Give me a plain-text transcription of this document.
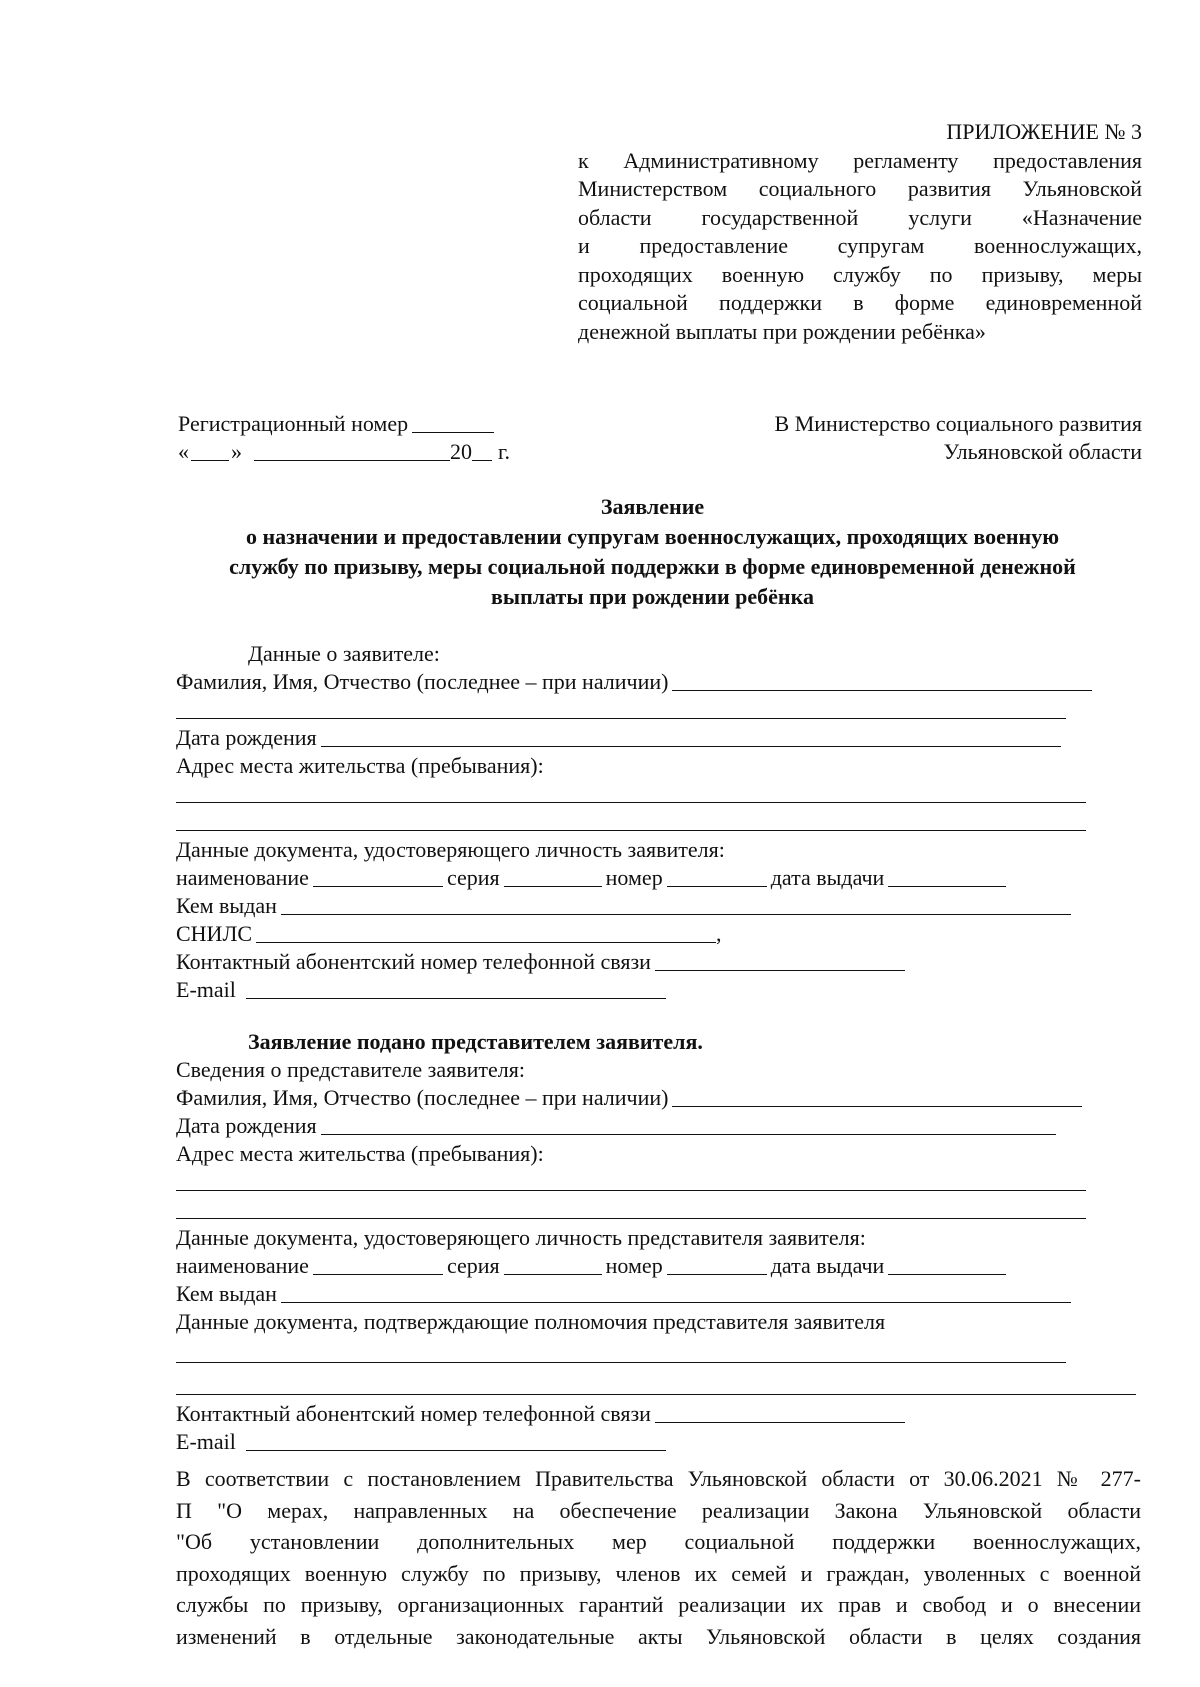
ПРИЛОЖЕНИЕ № 3
к Административному регламенту предоставления
Министерством социального развития Ульяновской
области государственной услуги «Назначение
и предоставление супругам военнослужащих,
проходящих военную службу по призыву, меры
социальной поддержки в форме единовременной
денежной выплаты при рождении ребёнка»
Регистрационный номер
« »	20 г.
В Министерство социального развития
Ульяновской области
Заявление
о назначении и предоставлении супругам военнослужащих, проходящих военную
службу по призыву, меры социальной поддержки в форме единовременной денежной
выплаты при рождении ребёнка
Данные о заявителе:
Фамилия, Имя, Отчество (последнее – при наличии)
Дата рождения
Адрес места жительства (пребывания):
Данные документа, удостоверяющего личность заявителя:
наименование	серия	номер	дата выдачи
Кем выдан
СНИЛС	,
Контактный абонентский номер телефонной связи
E-mail
Заявление подано представителем заявителя.
Сведения о представителе заявителя:
Фамилия, Имя, Отчество (последнее – при наличии)
Дата рождения
Адрес места жительства (пребывания):
Данные документа, удостоверяющего личность представителя заявителя:
наименование	серия	номер	дата выдачи
Кем выдан
Данные документа, подтверждающие полномочия представителя заявителя
Контактный абонентский номер телефонной связи
E-mail
В соответствии с постановлением Правительства Ульяновской области от 30.06.2021 № 277-
П "О мерах, направленных на обеспечение реализации Закона Ульяновской области
"Об установлении дополнительных мер социальной поддержки военнослужащих,
проходящих военную службу по призыву, членов их семей и граждан, уволенных с военной
службы по призыву, организационных гарантий реализации их прав и свобод и о внесении
изменений в отдельные законодательные акты Ульяновской области в целях создания
